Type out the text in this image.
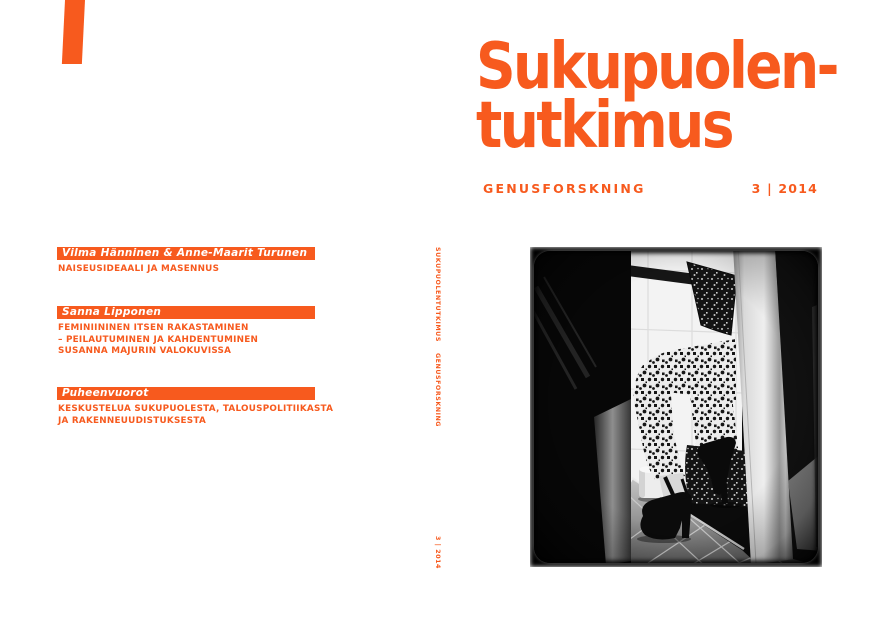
Sukupuolen-
tutkimus
GENUSFORSKNING	3 | 2014
Vilma Hänninen & Anne-Maarit Turunen
NAISEUSIDEAALI JA MASENNUS
Sanna Lipponen
FEMINIININEN ITSEN RAKASTAMINEN
– PEILAUTUMINEN JA KAHDENTUMINEN
SUSANNA MAJURIN VALOKUVISSA
Puheenvuorot
KESKUSTELUA SUKUPUOLESTA, TALOUSPOLITIIKASTA
JA RAKENNEUUDISTUKSESTA
SUKUPUOLENTUTKIMUSGENUSFORSKNING
3 | 2014
